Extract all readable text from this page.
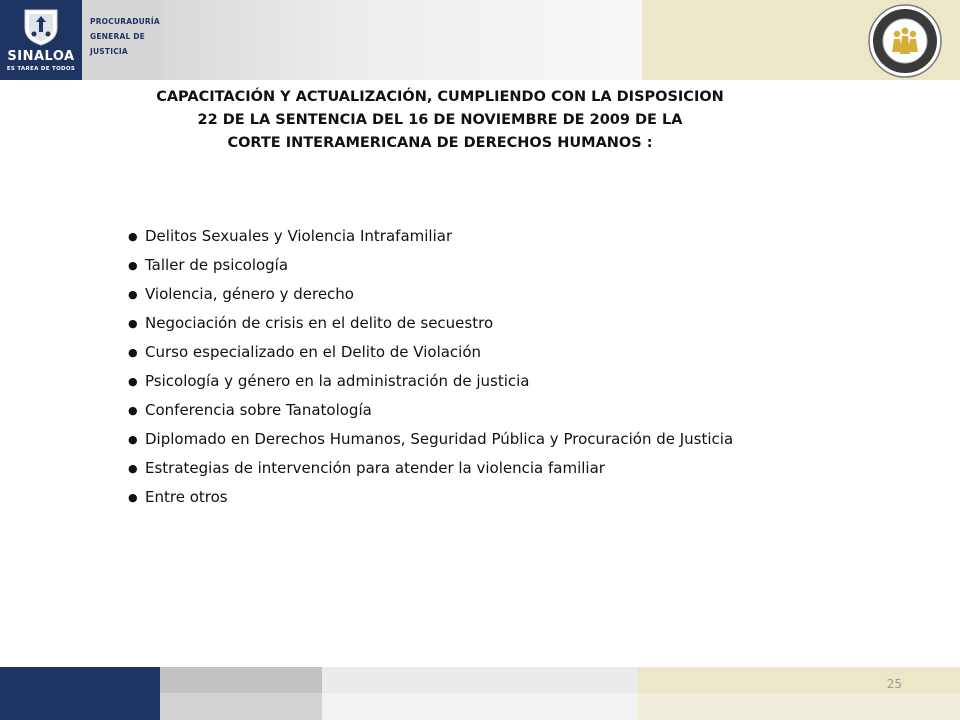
SINALOA
ES TAREA DE TODOS
PROCURADURÍA
GENERAL DE
JUSTICIA
CAPACITACIÓN Y ACTUALIZACIÓN, CUMPLIENDO CON LA DISPOSICION
22 DE LA SENTENCIA DEL 16 DE NOVIEMBRE DE 2009 DE LA
CORTE INTERAMERICANA DE DERECHOS HUMANOS :
● Delitos Sexuales y Violencia Intrafamiliar
● Taller de psicología
● Violencia, género y derecho
● Negociación de crisis en el delito de secuestro
● Curso especializado en el Delito de Violación
● Psicología y género en la administración de justicia
● Conferencia sobre Tanatología
● Diplomado en Derechos Humanos, Seguridad Pública y Procuración de Justicia
● Estrategias de intervención para atender la violencia familiar
● Entre otros
25
